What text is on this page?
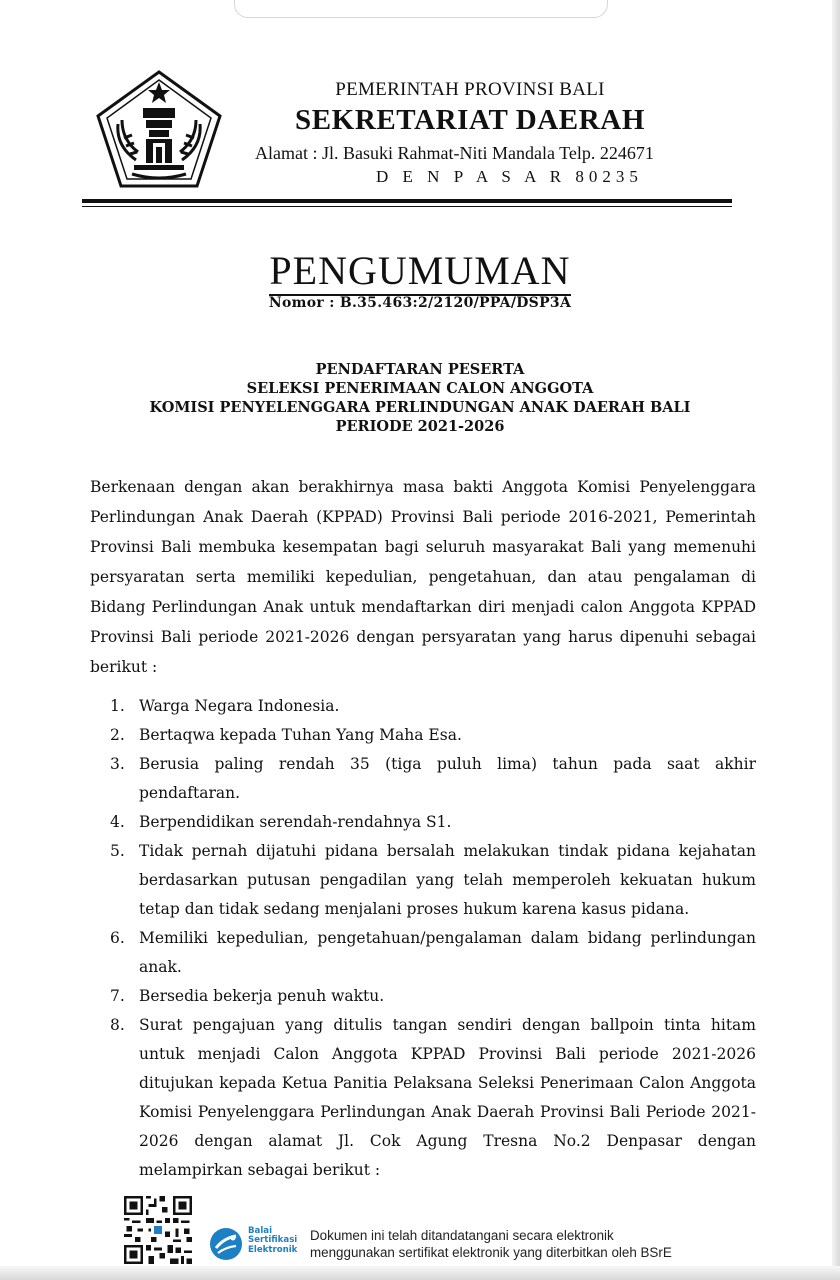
PEMERINTAH PROVINSI BALI
SEKRETARIAT DAERAH
Alamat : Jl. Basuki Rahmat-Niti Mandala Telp. 224671
D E N P A S A R 80235
PENGUMUMAN
Nomor : B.35.463:2/2120/PPA/DSP3A
PENDAFTARAN PESERTA
SELEKSI PENERIMAAN CALON ANGGOTA
KOMISI PENYELENGGARA PERLINDUNGAN ANAK DAERAH BALI
PERIODE 2021-2026
Berkenaan dengan akan berakhirnya masa bakti Anggota Komisi Penyelenggara Perlindungan Anak Daerah (KPPAD) Provinsi Bali periode 2016-2021, Pemerintah Provinsi Bali membuka kesempatan bagi seluruh masyarakat Bali yang memenuhi persyaratan serta memiliki kepedulian, pengetahuan, dan atau pengalaman di Bidang Perlindungan Anak untuk mendaftarkan diri menjadi calon Anggota KPPAD Provinsi Bali periode 2021-2026 dengan persyaratan yang harus dipenuhi sebagai berikut :
1. Warga Negara Indonesia.
2. Bertaqwa kepada Tuhan Yang Maha Esa.
3. Berusia paling rendah 35 (tiga puluh lima) tahun pada saat akhir pendaftaran.
4. Berpendidikan serendah-rendahnya S1.
5. Tidak pernah dijatuhi pidana bersalah melakukan tindak pidana kejahatan berdasarkan putusan pengadilan yang telah memperoleh kekuatan hukum tetap dan tidak sedang menjalani proses hukum karena kasus pidana.
6. Memiliki kepedulian, pengetahuan/pengalaman dalam bidang perlindungan anak.
7. Bersedia bekerja penuh waktu.
8. Surat pengajuan yang ditulis tangan sendiri dengan ballpoin tinta hitam untuk menjadi Calon Anggota KPPAD Provinsi Bali periode 2021-2026 ditujukan kepada Ketua Panitia Pelaksana Seleksi Penerimaan Calon Anggota Komisi Penyelenggara Perlindungan Anak Daerah Provinsi Bali Periode 2021-2026 dengan alamat Jl. Cok Agung Tresna No.2 Denpasar dengan melampirkan sebagai berikut :
Balai
Sertifikasi
Elektronik
Dokumen ini telah ditandatangani secara elektronik
menggunakan sertifikat elektronik yang diterbitkan oleh BSrE
